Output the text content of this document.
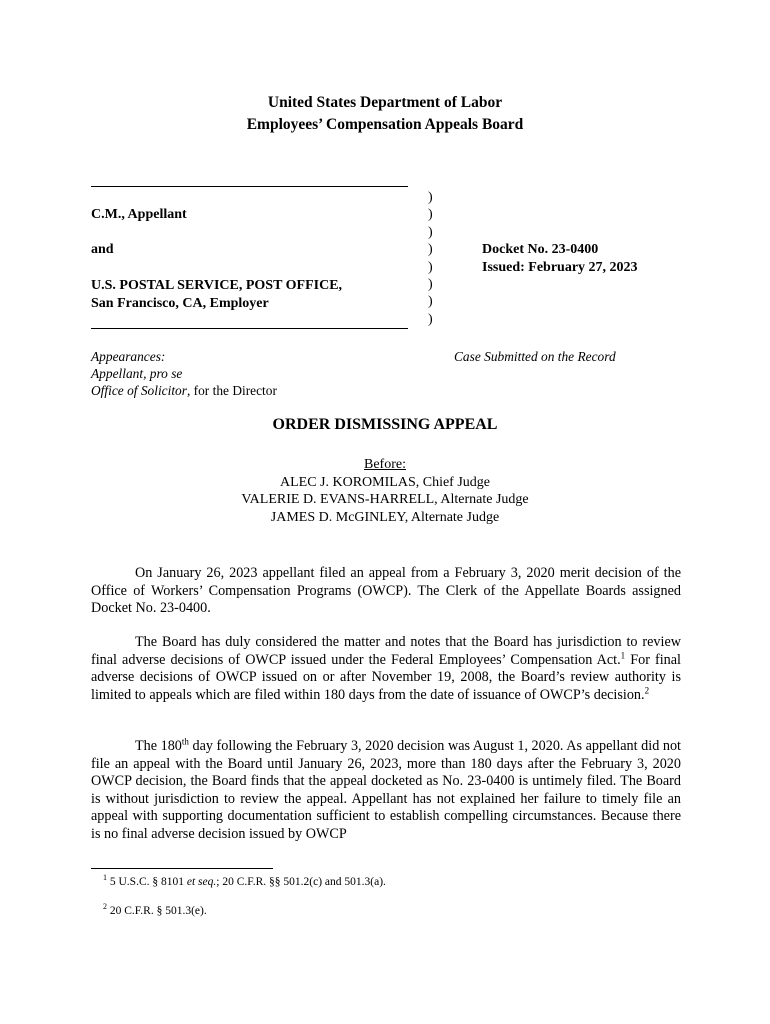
United States Department of Labor
Employees’ Compensation Appeals Board
C.M., Appellant
and
U.S. POSTAL SERVICE, POST OFFICE,
San Francisco, CA, Employer
)
)
)
)
)
)
)
)
Docket No. 23-0400
Issued: February 27, 2023
Appearances:
Appellant, pro se
Office of Solicitor, for the Director
Case Submitted on the Record
ORDER DISMISSING APPEAL
Before:
ALEC J. KOROMILAS, Chief Judge
VALERIE D. EVANS-HARRELL, Alternate Judge
JAMES D. McGINLEY, Alternate Judge
On January 26, 2023 appellant filed an appeal from a February 3, 2020 merit decision of the Office of Workers’ Compensation Programs (OWCP). The Clerk of the Appellate Boards assigned Docket No. 23-0400.
The Board has duly considered the matter and notes that the Board has jurisdiction to review final adverse decisions of OWCP issued under the Federal Employees’ Compensation Act.$^1$ For final adverse decisions of OWCP issued on or after November 19, 2008, the Board’s review authority is limited to appeals which are filed within 180 days from the date of issuance of OWCP’s decision.$^2$
The 180th day following the February 3, 2020 decision was August 1, 2020. As appellant did not file an appeal with the Board until January 26, 2023, more than 180 days after the February 3, 2020 OWCP decision, the Board finds that the appeal docketed as No. 23-0400 is untimely filed. The Board is without jurisdiction to review the appeal. Appellant has not explained her failure to timely file an appeal with supporting documentation sufficient to establish compelling circumstances. Because there is no final adverse decision issued by OWCP
$^1$ 5 U.S.C. § 8101 et seq.; 20 C.F.R. §§ 501.2(c) and 501.3(a).
$^2$ 20 C.F.R. § 501.3(e).
